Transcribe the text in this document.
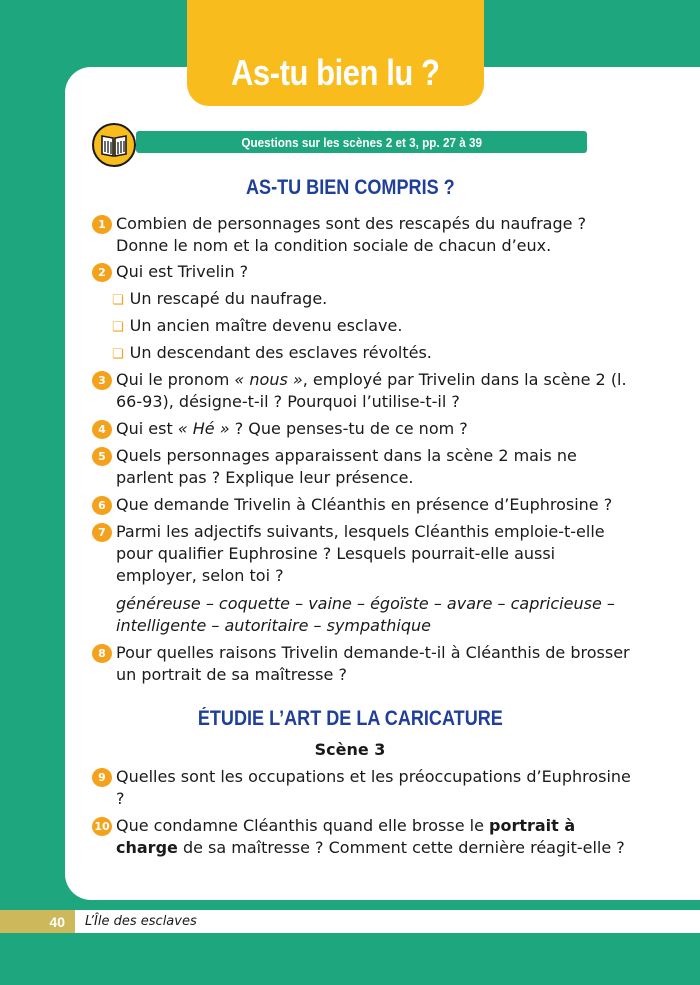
As-tu bien lu ?
Questions sur les scènes 2 et 3, pp. 27 à 39
AS-TU BIEN COMPRIS ?
1 Combien de personnages sont des rescapés du naufrage ? Donne le nom et la condition sociale de chacun d’eux.
2 Qui est Trivelin ?
❏ Un rescapé du naufrage.
❏ Un ancien maître devenu esclave.
❏ Un descendant des esclaves révoltés.
3 Qui le pronom « nous », employé par Trivelin dans la scène 2 (l. 66-93), désigne-t-il ? Pourquoi l’utilise-t-il ?
4 Qui est « Hé » ? Que penses-tu de ce nom ?
5 Quels personnages apparaissent dans la scène 2 mais ne parlent pas ? Explique leur présence.
6 Que demande Trivelin à Cléanthis en présence d’Euphrosine ?
7 Parmi les adjectifs suivants, lesquels Cléanthis emploie-t-elle pour qualifier Euphrosine ? Lesquels pourrait-elle aussi employer, selon toi ?
généreuse – coquette – vaine – égoïste – avare – capricieuse – intelligente – autoritaire – sympathique
8 Pour quelles raisons Trivelin demande-t-il à Cléanthis de brosser un portrait de sa maîtresse ?
ÉTUDIE L’ART DE LA CARICATURE
Scène 3
9 Quelles sont les occupations et les préoccupations d’Euphrosine ?
10 Que condamne Cléanthis quand elle brosse le portrait à charge de sa maîtresse ? Comment cette dernière réagit-elle ?
40	L’Île des esclaves
